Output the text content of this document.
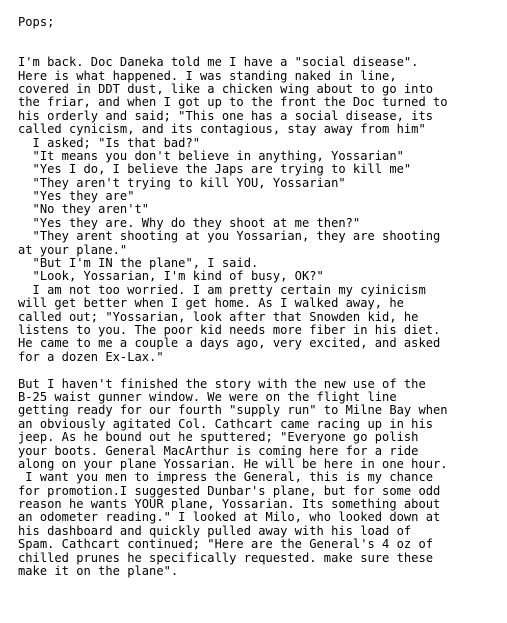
Pops;
I'm back. Doc Daneka told me I have a "social disease".
Here is what happened. I was standing naked in line,
covered in DDT dust, like a chicken wing about to go into
the friar, and when I got up to the front the Doc turned to
his orderly and said; "This one has a social disease, its
called cynicism, and its contagious, stay away from him"
I asked; "Is that bad?"
"It means you don't believe in anything, Yossarian"
"Yes I do, I believe the Japs are trying to kill me"
"They aren't trying to kill YOU, Yossarian"
"Yes they are"
"No they aren't"
"Yes they are. Why do they shoot at me then?"
"They arent shooting at you Yossarian, they are shooting
at your plane."
"But I'm IN the plane", I said.
"Look, Yossarian, I'm kind of busy, OK?"
I am not too worried. I am pretty certain my cyinicism
will get better when I get home. As I walked away, he
called out; "Yossarian, look after that Snowden kid, he
listens to you. The poor kid needs more fiber in his diet.
He came to me a couple a days ago, very excited, and asked
for a dozen Ex-Lax."
But I haven't finished the story with the new use of the
B-25 waist gunner window. We were on the flight line
getting ready for our fourth "supply run" to Milne Bay when
an obviously agitated Col. Cathcart came racing up in his
jeep. As he bound out he sputtered; "Everyone go polish
your boots. General MacArthur is coming here for a ride
along on your plane Yossarian. He will be here in one hour.
I want you men to impress the General, this is my chance
for promotion.I suggested Dunbar's plane, but for some odd
reason he wants YOUR plane, Yossarian. Its something about
an odometer reading." I looked at Milo, who looked down at
his dashboard and quickly pulled away with his load of
Spam. Cathcart continued; "Here are the General's 4 oz of
chilled prunes he specifically requested. make sure these
make it on the plane".
